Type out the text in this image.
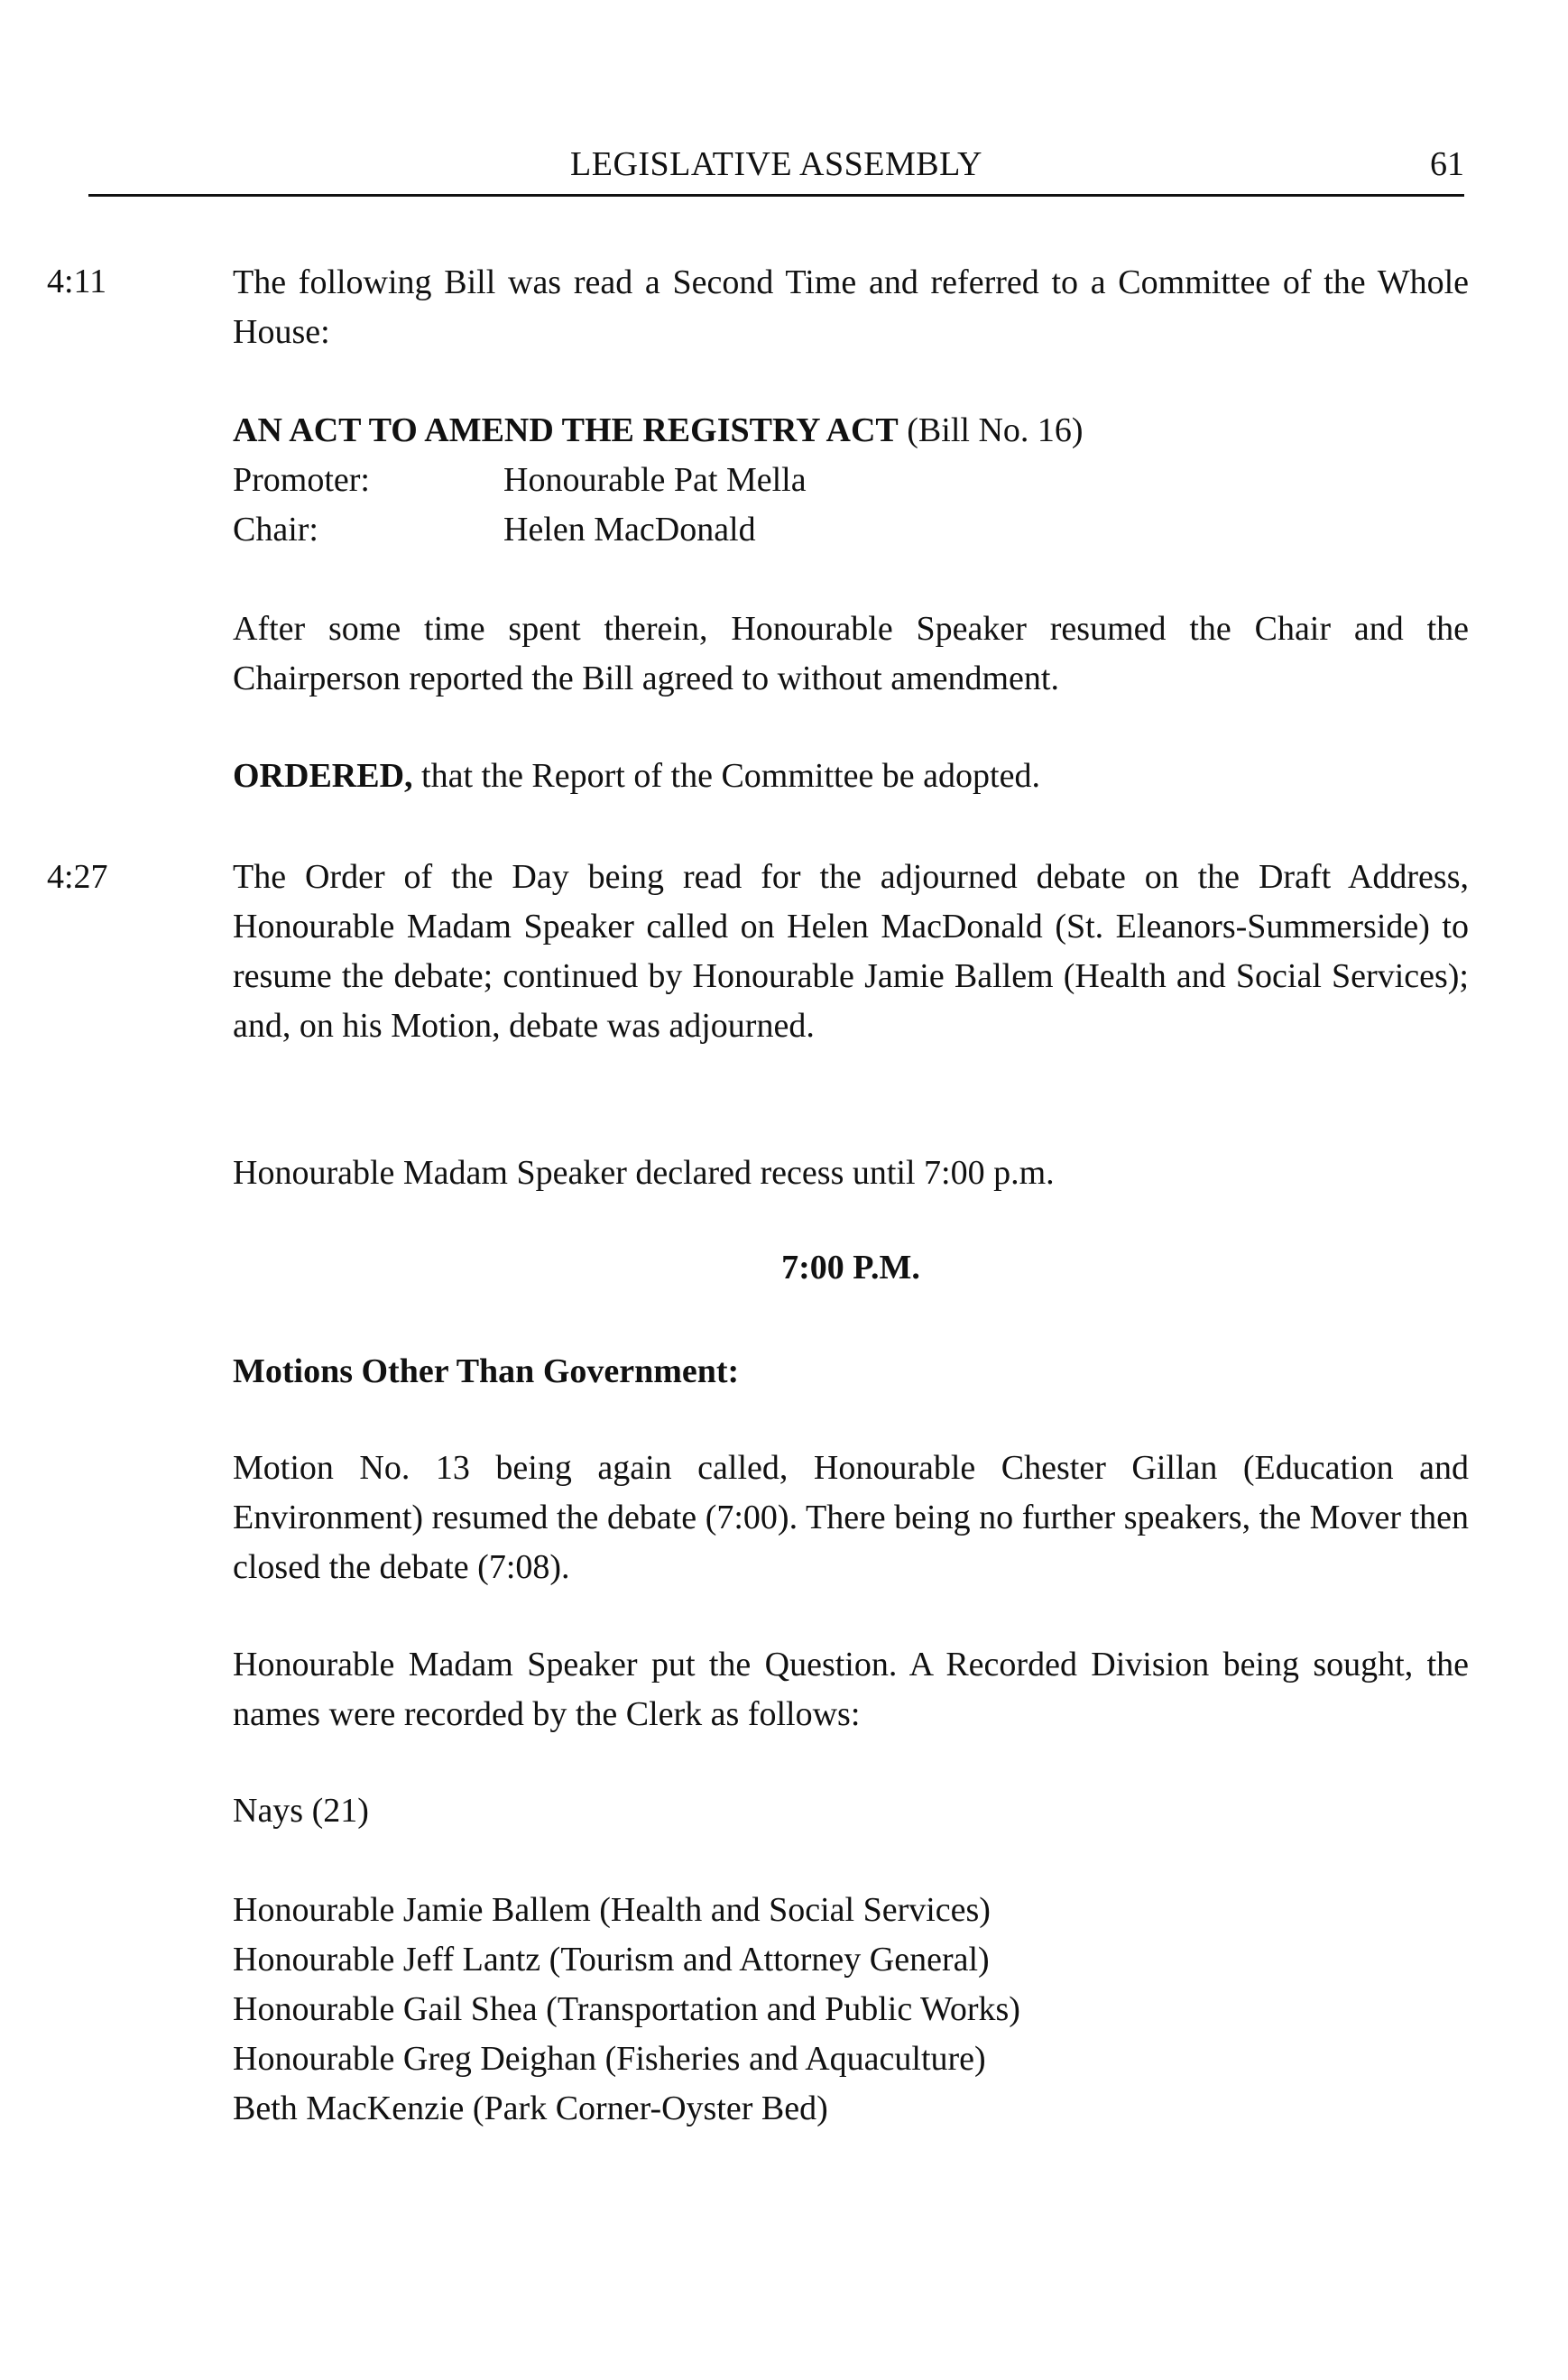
LEGISLATIVE ASSEMBLY	61
4:11	The following Bill was read a Second Time and referred to a Committee of the Whole House:
AN ACT TO AMEND THE REGISTRY ACT (Bill No. 16)
Promoter:	Honourable Pat Mella
Chair:	Helen MacDonald
After some time spent therein, Honourable Speaker resumed the Chair and the Chairperson reported the Bill agreed to without amendment.
ORDERED, that the Report of the Committee be adopted.
4:27	The Order of the Day being read for the adjourned debate on the Draft Address, Honourable Madam Speaker called on Helen MacDonald (St. Eleanors-Summerside) to resume the debate; continued by Honourable Jamie Ballem (Health and Social Services); and, on his Motion, debate was adjourned.
Honourable Madam Speaker declared recess until 7:00 p.m.
7:00 P.M.
Motions Other Than Government:
Motion No. 13 being again called, Honourable Chester Gillan (Education and Environment) resumed the debate (7:00). There being no further speakers, the Mover then closed the debate (7:08).
Honourable Madam Speaker put the Question. A Recorded Division being sought, the names were recorded by the Clerk as follows:
Nays (21)
Honourable Jamie Ballem (Health and Social Services)
Honourable Jeff Lantz (Tourism and Attorney General)
Honourable Gail Shea (Transportation and Public Works)
Honourable Greg Deighan (Fisheries and Aquaculture)
Beth MacKenzie (Park Corner-Oyster Bed)
